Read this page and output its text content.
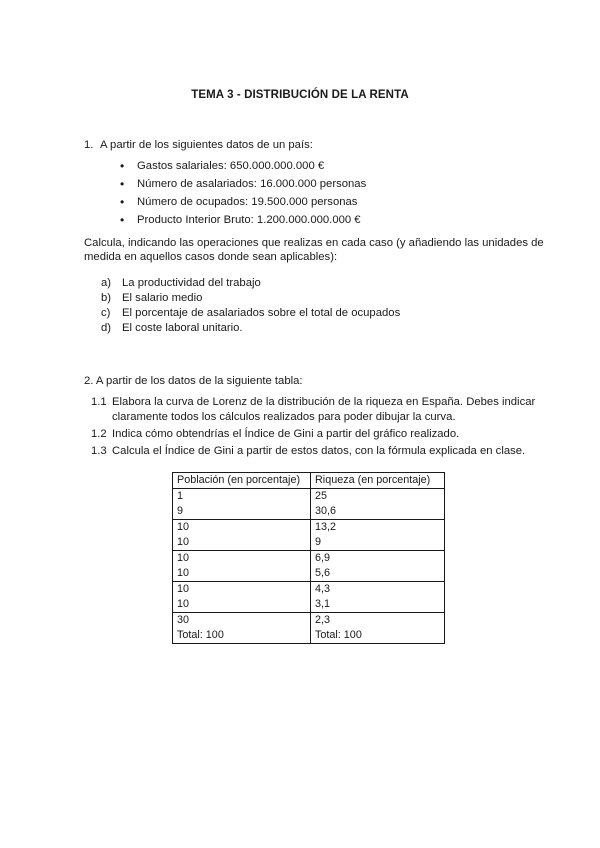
TEMA 3 - DISTRIBUCIÓN DE LA RENTA
1. A partir de los siguientes datos de un país:
• Gastos salariales: 650.000.000.000 €
• Número de asalariados: 16.000.000 personas
• Número de ocupados: 19.500.000 personas
• Producto Interior Bruto: 1.200.000.000.000 €
Calcula, indicando las operaciones que realizas en cada caso (y añadiendo las unidades de
medida en aquellos casos donde sean aplicables):
a) La productividad del trabajo
b) El salario medio
c) El porcentaje de asalariados sobre el total de ocupados
d) El coste laboral unitario.
2. A partir de los datos de la siguiente tabla:
1.1 Elabora la curva de Lorenz de la distribución de la riqueza en España. Debes indicar
claramente todos los cálculos realizados para poder dibujar la curva.
1.2 Indica cómo obtendrías el Índice de Gini a partir del gráfico realizado.
1.3 Calcula el Índice de Gini a partir de estos datos, con la fórmula explicada en clase.
Población (en porcentaje)	Riqueza (en porcentaje)
1	25
9	30,6
10	13,2
10	9
10	6,9
10	5,6
10	4,3
10	3,1
30	2,3
Total: 100	Total: 100
